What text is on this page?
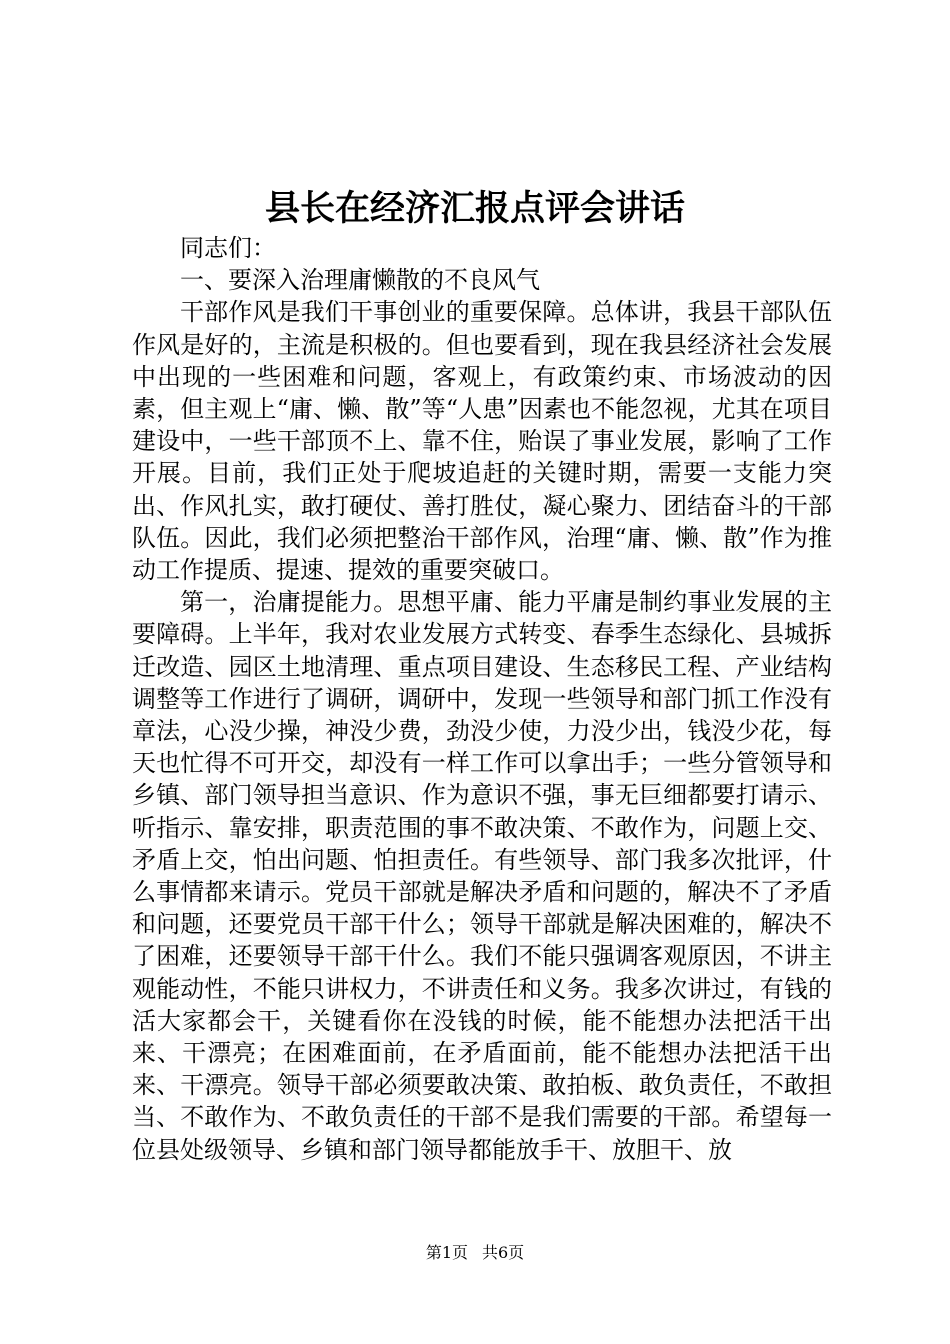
县长在经济汇报点评会讲话

同志们：

一、要深入治理庸懒散的不良风气

干部作风是我们干事创业的重要保障。总体讲，我县干部队伍作风是好的，主流是积极的。但也要看到，现在我县经济社会发展中出现的一些困难和问题，客观上，有政策约束、市场波动的因素，但主观上“庸、懒、散”等“人患”因素也不能忽视，尤其在项目建设中，一些干部顶不上、靠不住，贻误了事业发展，影响了工作开展。目前，我们正处于爬坡追赶的关键时期，需要一支能力突出、作风扎实，敢打硬仗、善打胜仗，凝心聚力、团结奋斗的干部队伍。因此，我们必须把整治干部作风，治理“庸、懒、散”作为推动工作提质、提速、提效的重要突破口。

第一，治庸提能力。思想平庸、能力平庸是制约事业发展的主要障碍。上半年，我对农业发展方式转变、春季生态绿化、县城拆迁改造、园区土地清理、重点项目建设、生态移民工程、产业结构调整等工作进行了调研，调研中，发现一些领导和部门抓工作没有章法，心没少操，神没少费，劲没少使，力没少出，钱没少花，每天也忙得不可开交，却没有一样工作可以拿出手；一些分管领导和乡镇、部门领导担当意识、作为意识不强，事无巨细都要打请示、听指示、靠安排，职责范围的事不敢决策、不敢作为，问题上交、矛盾上交，怕出问题、怕担责任。有些领导、部门我多次批评，什么事情都来请示。党员干部就是解决矛盾和问题的，解决不了矛盾和问题，还要党员干部干什么；领导干部就是解决困难的，解决不了困难，还要领导干部干什么。我们不能只强调客观原因，不讲主观能动性，不能只讲权力，不讲责任和义务。我多次讲过，有钱的活大家都会干，关键看你在没钱的时候，能不能想办法把活干出来、干漂亮；在困难面前，在矛盾面前，能不能想办法把活干出来、干漂亮。领导干部必须要敢决策、敢拍板、敢负责任，不敢担当、不敢作为、不敢负责任的干部不是我们需要的干部。希望每一位县处级领导、乡镇和部门领导都能放手干、放胆干、放

第1页 共6页
